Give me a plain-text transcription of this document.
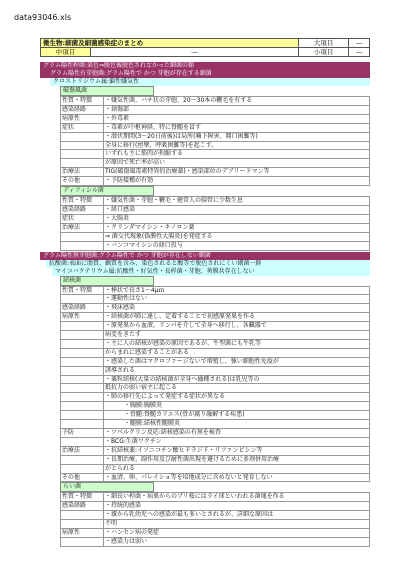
data93046.xls
微生物:細菌及細菌感染症のまとめ		大項目	―
中項目	―	小項目	―
グラム陽性桿菌:染色⇒脱色後脱色されなかった細菌の類
グラム陽性有芽胞菌:グラム陽性で かつ 芽胞が存在する細菌
クロストリジウム属:偏性嫌気性
破傷風菌
性質・特徴	・嫌気性菌、バチ状の芽胞、20～30本の鞭毛を有する
感染経路	・創傷部
病原性	・外毒素
症状	・毒素が中枢神経、特に脊髄を冒す
	・潜伏期間(3～20日前後)は局所(噛下障害、開口困難等)
	全身に移行(痙攣、呼吸困難等)を起こす。
	いずれも主に筋肉が拘縮する
	が原因で死亡率が高い
治療法	TIG(破傷風毒素特異的治療薬)・感染部位のデブリードマン等
その他	・予防接種が有効
ディフィシル菌
性質・特徴	・嫌気性菌・芽胞・鞭毛・健常人の腸管に少数生息
感染経路	・経口感染
症状	・大腸炎
治療法	・クリンダマイシン・キノロン薬
	⇒ 菌交代現象(偽膜性大腸炎)を発症する
	・バンコマイシンの経口投与
グラム陽性無芽胞菌:グラム陽性で かつ 芽胞が存在しない細菌
抗酸菌:表面に脂質、蝋質を含み、染色されると酸等で脱色されにくい細菌一群
マイコバクテリウム属:抗酸性・好気性・長桿菌・芽胞、莢膜共存在しない
結核菌
性質・特徴	・棒状で長さ1～4μｍ
	・運動性はない
感染経路	・飛沫感染
病原性	・結核菌が肺に達し、定着することで初感原発巣を作る
	・原発巣から血液、リンパを介して全身へ移行し、各臓器で
	病変をきたす
	・主に人の結核が感染の原因であるが、牛型菌にも牛乳等
	からまれに感染することがある
	・感染した菌はマクロファージないで増殖し、強い細胞性免疫が
	誘導される
	・粟粒結核(大量の結核菌が全身へ播種される)は乳児等の
	抵抗力の弱い宿主に起こる
	・肺の移行先によって発症する症状が異なる
	・胸膜:胸膜炎
	・骨髄:脊髄カリエス(骨が腐り融解する疾患)
	・髄膜:結核性髄膜炎
予防	・ツベルクリン反応:結核感染の有無を検査
	・BCG:生菌ワクチン
治療法	・抗結核薬:イソニコチン酸ヒドラジド・リファンピシン等
	・長期治療、副作用及び耐性菌出現を避けるために多剤併用治療
	がとられる
その他	・血清、卵、パレイショ等を培地成分に含めないと発育しない
らい菌
性質・特徴	・細長い桿菌・病巣からのブリ桜にはライ球といわれる菌塊を作る
感染経路	・持続的感染
	・親から乳幼児への感染が最も多いとされるが、詳細な原因は
	不明
病原性	・ハンセン病の発症
	・感染力は弱い
